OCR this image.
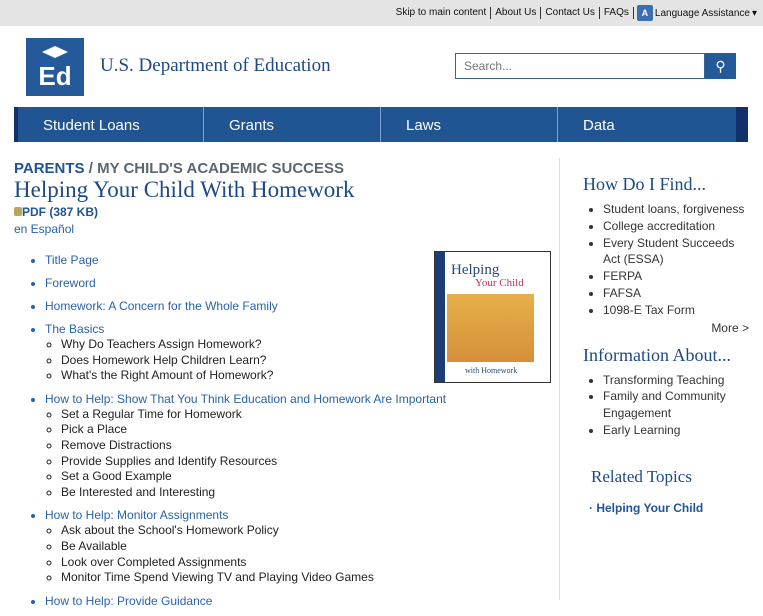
Skip to main content About Us Contact Us FAQs	A Language Assistance ▾
Ed U.S. Department of Education
Search...	⚲
Student Loans	Grants	Laws	Data
PARENTS / MY CHILD'S ACADEMIC SUCCESS
Helping Your Child With Homework
PDF (387 KB)
en Español
• Title Page
• Foreword
• Homework: A Concern for the Whole Family
• The Basics
◦ Why Do Teachers Assign Homework?
◦ Does Homework Help Children Learn?
◦ What's the Right Amount of Homework?
• How to Help: Show That You Think Education and Homework Are Important
◦ Set a Regular Time for Homework
◦ Pick a Place
◦ Remove Distractions
◦ Provide Supplies and Identify Resources
◦ Set a Good Example
◦ Be Interested and Interesting
• How to Help: Monitor Assignments
◦ Ask about the School's Homework Policy
◦ Be Available
◦ Look over Completed Assignments
◦ Monitor Time Spend Viewing TV and Playing Video Games
• How to Help: Provide Guidance
Helping
Your Child
with Homework
How Do I Find...
• Student loans, forgiveness
• College accreditation
• Every Student Succeeds Act (ESSA)
• FERPA
• FAFSA
• 1098-E Tax Form
More >
Information About...
• Transforming Teaching
• Family and Community Engagement
• Early Learning
Related Topics
· Helping Your Child
